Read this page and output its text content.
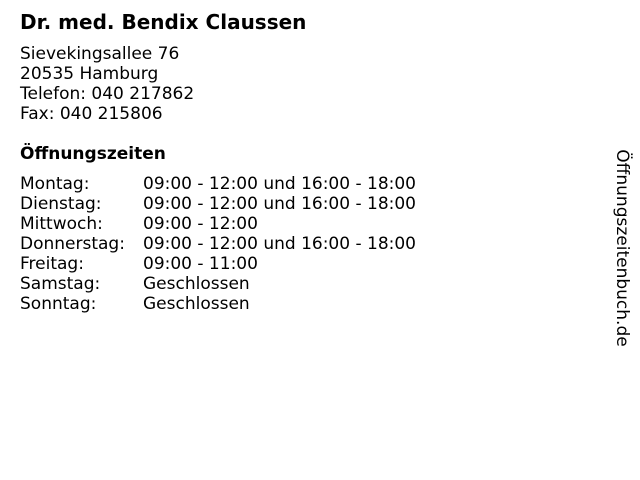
Dr. med. Bendix Claussen
Sievekingsallee 76
20535 Hamburg
Telefon: 040 217862
Fax: 040 215806
Öffnungszeiten
Montag:	09:00 - 12:00 und 16:00 - 18:00
Dienstag:	09:00 - 12:00 und 16:00 - 18:00
Mittwoch:	09:00 - 12:00
Donnerstag:	09:00 - 12:00 und 16:00 - 18:00
Freitag:	09:00 - 11:00
Samstag:	Geschlossen
Sonntag:	Geschlossen	Öffnungszeitenbuch.de
